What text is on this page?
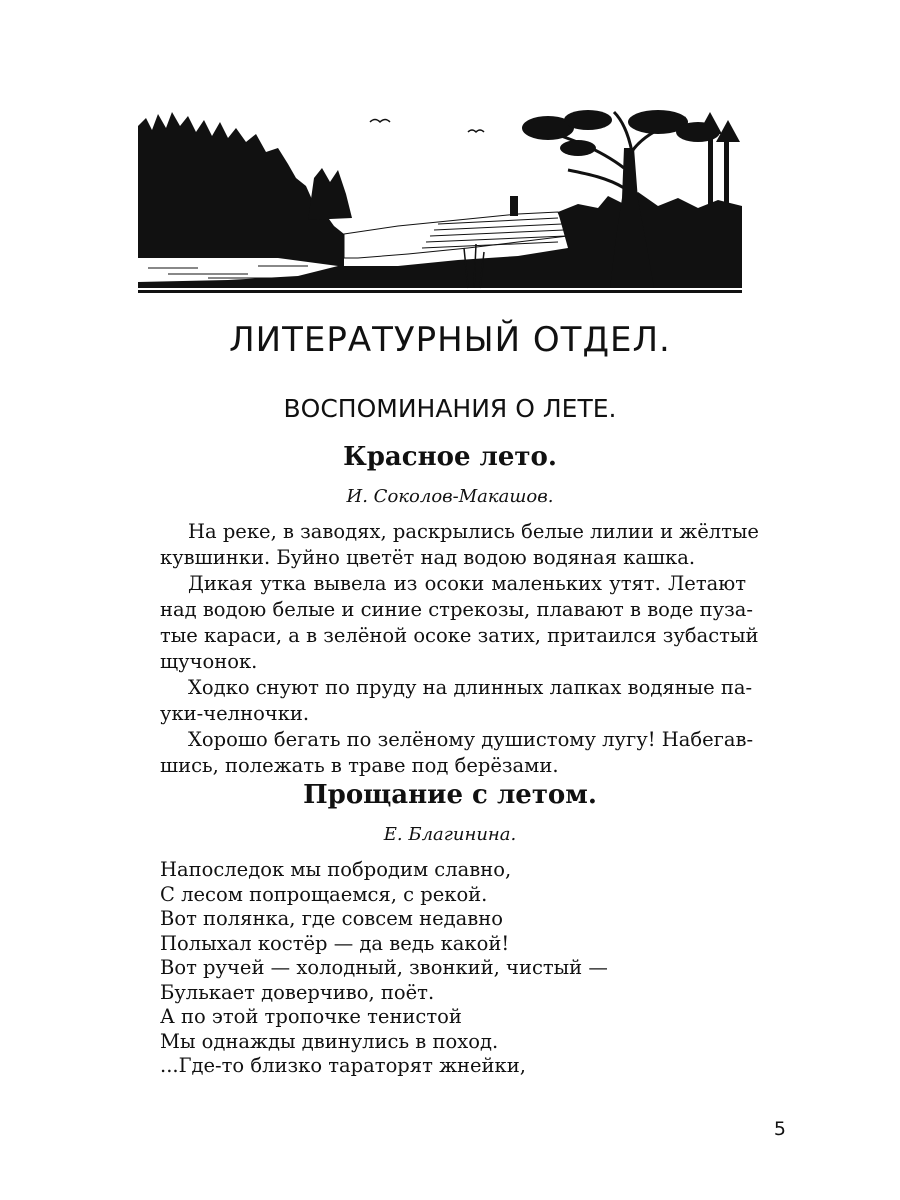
ЛИТЕРАТУРНЫЙ ОТДЕЛ.
ВОСПОМИНАНИЯ О ЛЕТЕ.
Красное лето.
И. Соколов-Макашов.
На реке, в заводях, раскрылись белые лилии и жёлтые
кувшинки. Буйно цветёт над водою водяная кашка.
Дикая утка вывела из осоки маленьких утят. Летают
над водою белые и синие стрекозы, плавают в воде пуза-
тые караси, а в зелёной осоке затих, притаился зубастый
щучонок.
Ходко снуют по пруду на длинных лапках водяные па-
уки-челночки.
Хорошо бегать по зелёному душистому лугу! Набегав-
шись, полежать в траве под берёзами.
Прощание с летом.
Е. Благинина.
Напоследок мы побродим славно,
С лесом попрощаемся, с рекой.
Вот полянка, где совсем недавно
Полыхал костёр — да ведь какой!
Вот ручей — холодный, звонкий, чистый —
Булькает доверчиво, поёт.
А по этой тропочке тенистой
Мы однажды двинулись в поход.
...Где-то близко тараторят жнейки,
5
